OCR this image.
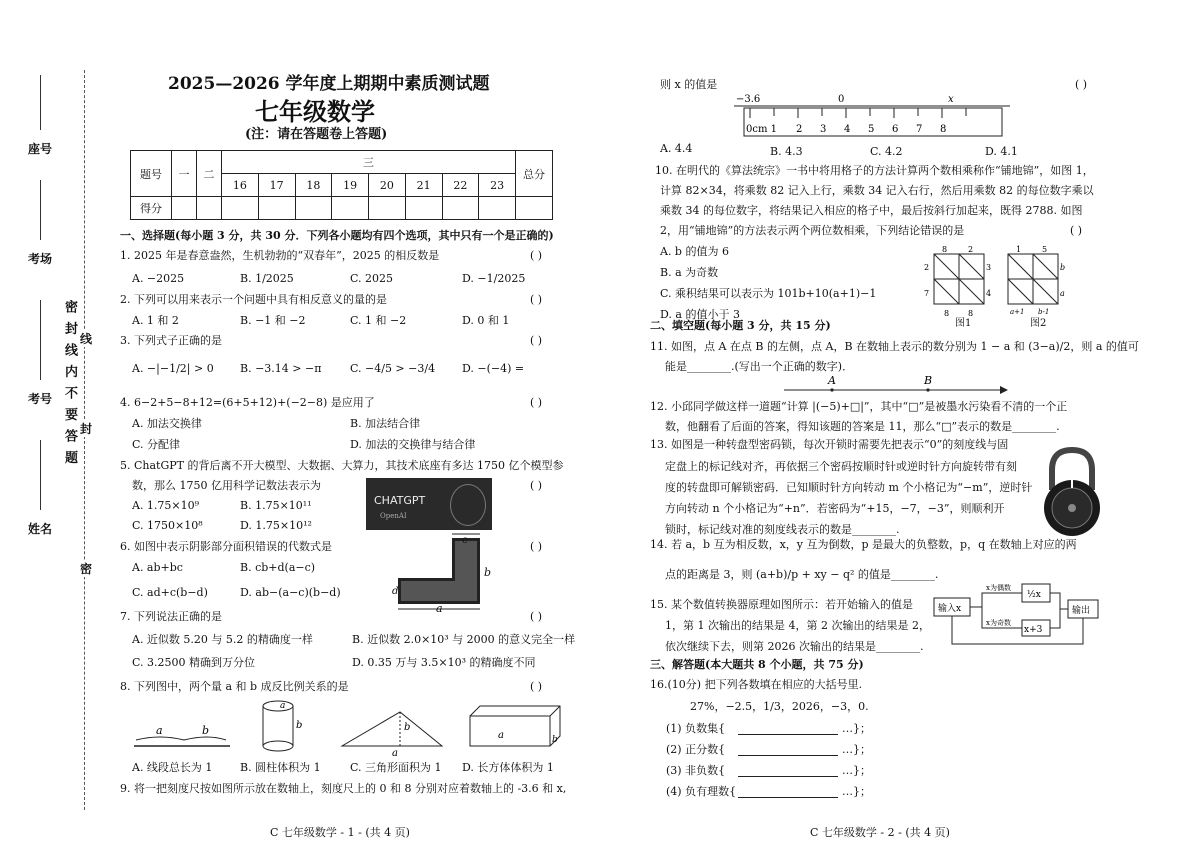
座号
考场
考号
姓名
密 封 线 内 不 要 答 题 线
封
密
2025—2026 学年度上期期中素质测试题
七年级数学
(注：请在答题卷上答题)
题号	一	二	三								总分
			16	17	18	19	20	21	22	23	
得分											
一、选择题(每小题 3 分，共 30 分．下列各小题均有四个选项，其中只有一个是正确的)
1. 2025 年是春意盎然，生机勃勃的“双春年”，2025 的相反数是	( )
A. −2025	B. 1/2025	C. 2025	D. −1/2025
2. 下列可以用来表示一个问题中具有相反意义的量的是	( )
A. 1 和 2	B. −1 和 −2	C. 1 和 −2	D. 0 和 1
3. 下列式子正确的是	( )
A. −|−1/2| > 0 B. −3.14 > −π	C. −4/5 > −3/4 D. −(−4) =
4. 6−2+5−8+12=(6+5+12)+(−2−8) 是应用了	( )
A. 加法交换律	B. 加法结合律
C. 分配律	D. 加法的交换律与结合律
5. ChatGPT 的背后离不开大模型、大数据、大算力，其技术底座有多达 1750 亿个模型参
数，那么 1750 亿用科学记数法表示为	( )
A. 1.75×10⁹	B. 1.75×10¹¹
C. 1750×10⁸	D. 1.75×10¹²
CHATGPT
OpenAI
6. 如图中表示阴影部分面积错误的代数式是	( )
A. ab+bc	B. cb+d(a−c)
C. ad+c(b−d)	D. ab−(a−c)(b−d)
c
b
d
a
7. 下列说法正确的是	( )
A. 近似数 5.20 与 5.2 的精确度一样	B. 近似数 2.0×10³ 与 2000 的意义完全一样
C. 3.2500 精确到万分位	D. 0.35 万与 3.5×10³ 的精确度不同
8. 下列图中，两个量 a 和 b 成反比例关系的是	( )
a	b
a
b	b
a
a	b
A. 线段总长为 1	B. 圆柱体积为 1	C. 三角形面积为 1 D. 长方体体积为 1
9. 将一把刻度尺按如图所示放在数轴上，刻度尺上的 0 和 8 分别对应着数轴上的 -3.6 和 x,
C 七年级数学 - 1 - (共 4 页)
则 x 的值是	( )
−3.6	0	x
0cm 1 2 3 4 5 6 7 8
A. 4.4	B. 4.3	C. 4.2	D. 4.1
10. 在明代的《算法统宗》一书中将用格子的方法计算两个数相乘称作“铺地锦”，如图 1，
计算 82×34，将乘数 82 记入上行，乘数 34 记入右行，然后用乘数 82 的每位数字乘以
乘数 34 的每位数字，将结果记入相应的格子中，最后按斜行加起来，既得 2788. 如图
2，用“铺地锦”的方法表示两个两位数相乘，下列结论错误的是	( )
A. b 的值为 6
B. a 为奇数
C. 乘积结果可以表示为 101b+10(a+1)−1
D. a 的值小于 3
8	2
3
4
2
7
8 8
1	5
b
a
a+1 b-1
图1	图2
二、填空题(每小题 3 分，共 15 分)
11. 如图，点 A 在点 B 的左侧，点 A，B 在数轴上表示的数分别为 1 − a 和 (3−a)/2，则 a 的值可
能是________.(写出一个正确的数字)．
A	B
12. 小邱同学做这样一道题“计算 |(−5)+□|”，其中“□”是被墨水污染看不清的一个正
数，他翻看了后面的答案，得知该题的答案是 11，那么“□”表示的数是________.
13. 如图是一种转盘型密码锁，每次开锁时需要先把表示“0”的刻度线与固
定盘上的标记线对齐，再依据三个密码按顺时针或逆时针方向旋转带有刻
度的转盘即可解锁密码．已知顺时针方向转动 m 个小格记为“−m”，逆时针
方向转动 n 个小格记为“+n”．若密码为“+15，−7，−3”，则顺利开
锁时，标记线对准的刻度线表示的数是________.
14. 若 a，b 互为相反数，x，y 互为倒数，p 是最大的负整数，p，q 在数轴上对应的两
点的距离是 3，则 (a+b)/p + xy − q² 的值是________.
15. 某个数值转换器原理如图所示：若开始输入的值是
1，第 1 次输出的结果是 4，第 2 次输出的结果是 2，
依次继续下去，则第 2026 次输出的结果是________.
输入x
½x
x+3
输出
x为偶数
x为奇数
三、解答题(本大题共 8 个小题，共 75 分)
16.(10分) 把下列各数填在相应的大括号里.
27%，−2.5，1/3，2026，−3，0.
(1) 负数集{	…}；
(2) 正分数{	…}；
(3) 非负数{	…}；
(4) 负有理数{	…}；
C 七年级数学 - 2 - (共 4 页)
